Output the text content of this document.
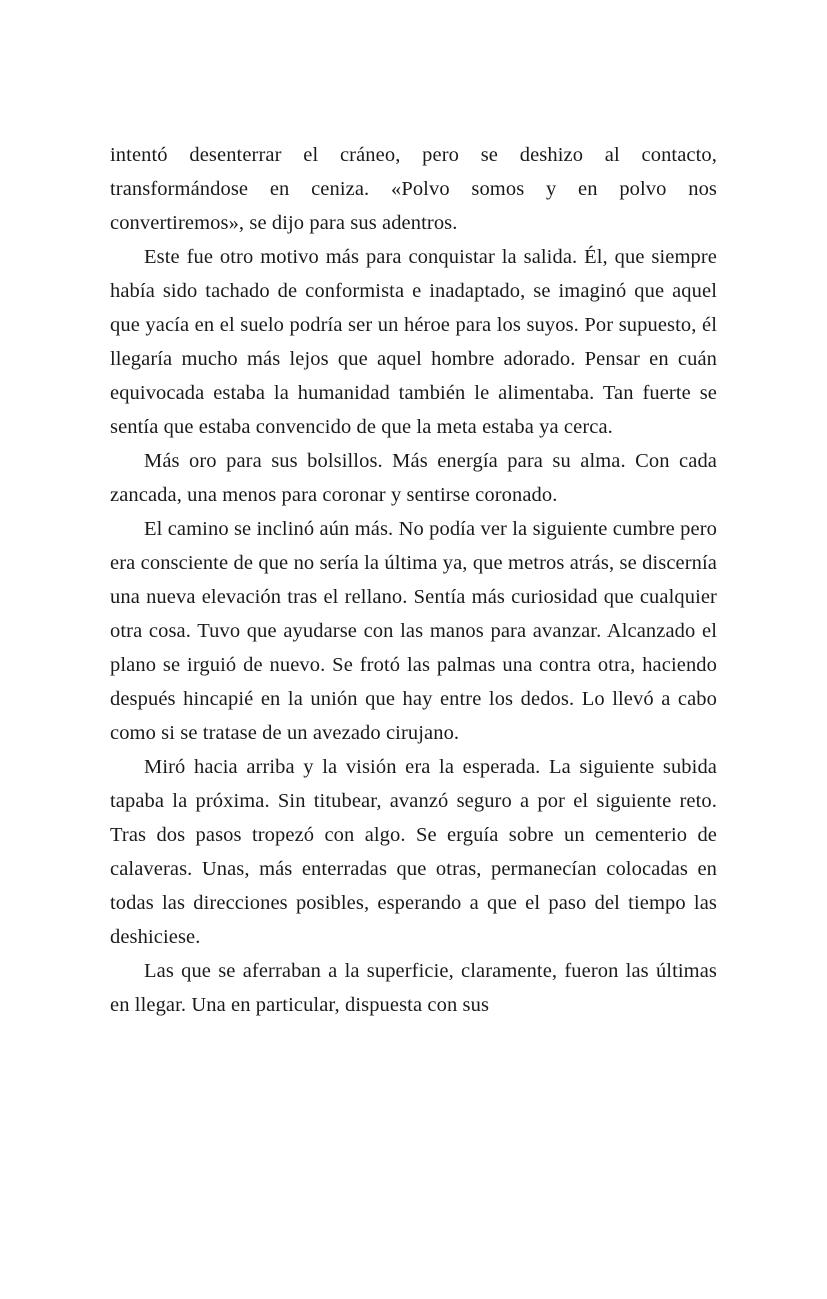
intentó desenterrar el cráneo, pero se deshizo al contacto, transformándose en ceniza. «Polvo somos y en polvo nos convertiremos», se dijo para sus adentros.

Este fue otro motivo más para conquistar la salida. Él, que siempre había sido tachado de conformista e inadaptado, se imaginó que aquel que yacía en el suelo podría ser un héroe para los suyos. Por supuesto, él llegaría mucho más lejos que aquel hombre adorado. Pensar en cuán equivocada estaba la humanidad también le alimentaba. Tan fuerte se sentía que estaba convencido de que la meta estaba ya cerca.

Más oro para sus bolsillos. Más energía para su alma. Con cada zancada, una menos para coronar y sentirse coronado.

El camino se inclinó aún más. No podía ver la siguiente cumbre pero era consciente de que no sería la última ya, que metros atrás, se discernía una nueva elevación tras el rellano. Sentía más curiosidad que cualquier otra cosa. Tuvo que ayudarse con las manos para avanzar. Alcanzado el plano se irguió de nuevo. Se frotó las palmas una contra otra, haciendo después hincapié en la unión que hay entre los dedos. Lo llevó a cabo como si se tratase de un avezado cirujano.

Miró hacia arriba y la visión era la esperada. La siguiente subida tapaba la próxima. Sin titubear, avanzó seguro a por el siguiente reto. Tras dos pasos tropezó con algo. Se erguía sobre un cementerio de calaveras. Unas, más enterradas que otras, permanecían colocadas en todas las direcciones posibles, esperando a que el paso del tiempo las deshiciese.

Las que se aferraban a la superficie, claramente, fueron las últimas en llegar. Una en particular, dispuesta con sus
